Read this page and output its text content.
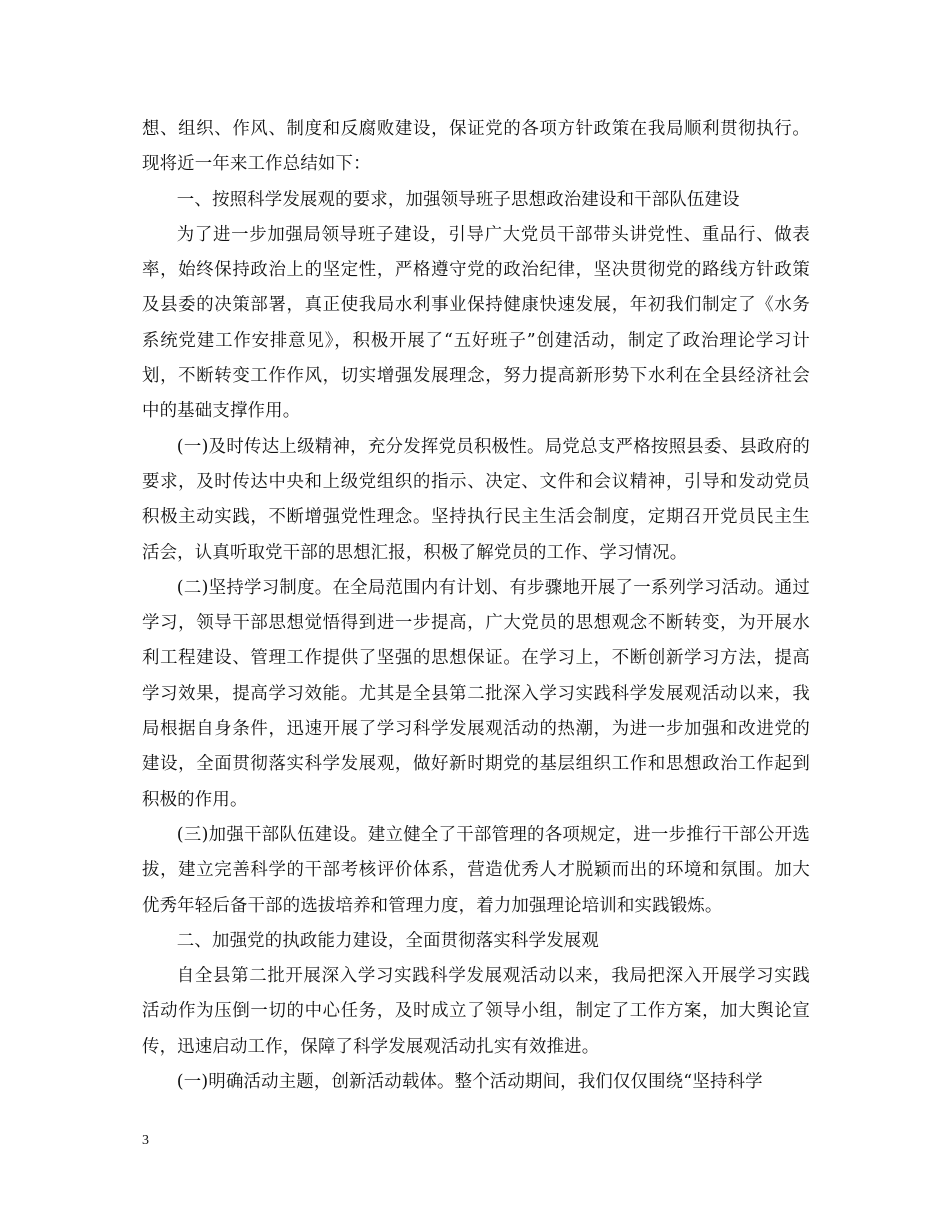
想、组织、作风、制度和反腐败建设，保证党的各项方针政策在我局顺利贯彻执行。现将近一年来工作总结如下：

一、按照科学发展观的要求，加强领导班子思想政治建设和干部队伍建设

为了进一步加强局领导班子建设，引导广大党员干部带头讲党性、重品行、做表率，始终保持政治上的坚定性，严格遵守党的政治纪律，坚决贯彻党的路线方针政策及县委的决策部署，真正使我局水利事业保持健康快速发展，年初我们制定了《水务系统党建工作安排意见》，积极开展了“五好班子”创建活动，制定了政治理论学习计划，不断转变工作作风，切实增强发展理念，努力提高新形势下水利在全县经济社会中的基础支撑作用。

(一)及时传达上级精神，充分发挥党员积极性。局党总支严格按照县委、县政府的要求，及时传达中央和上级党组织的指示、决定、文件和会议精神，引导和发动党员积极主动实践，不断增强党性理念。坚持执行民主生活会制度，定期召开党员民主生活会，认真听取党干部的思想汇报，积极了解党员的工作、学习情况。

(二)坚持学习制度。在全局范围内有计划、有步骤地开展了一系列学习活动。通过学习，领导干部思想觉悟得到进一步提高，广大党员的思想观念不断转变，为开展水利工程建设、管理工作提供了坚强的思想保证。在学习上，不断创新学习方法，提高学习效果，提高学习效能。尤其是全县第二批深入学习实践科学发展观活动以来，我局根据自身条件，迅速开展了学习科学发展观活动的热潮，为进一步加强和改进党的建设，全面贯彻落实科学发展观，做好新时期党的基层组织工作和思想政治工作起到积极的作用。

(三)加强干部队伍建设。建立健全了干部管理的各项规定，进一步推行干部公开选拔，建立完善科学的干部考核评价体系，营造优秀人才脱颖而出的环境和氛围。加大优秀年轻后备干部的选拔培养和管理力度，着力加强理论培训和实践锻炼。

二、加强党的执政能力建设，全面贯彻落实科学发展观

自全县第二批开展深入学习实践科学发展观活动以来，我局把深入开展学习实践活动作为压倒一切的中心任务，及时成立了领导小组，制定了工作方案，加大舆论宣传，迅速启动工作，保障了科学发展观活动扎实有效推进。

(一)明确活动主题，创新活动载体。整个活动期间，我们仅仅围绕“坚持科学

3
